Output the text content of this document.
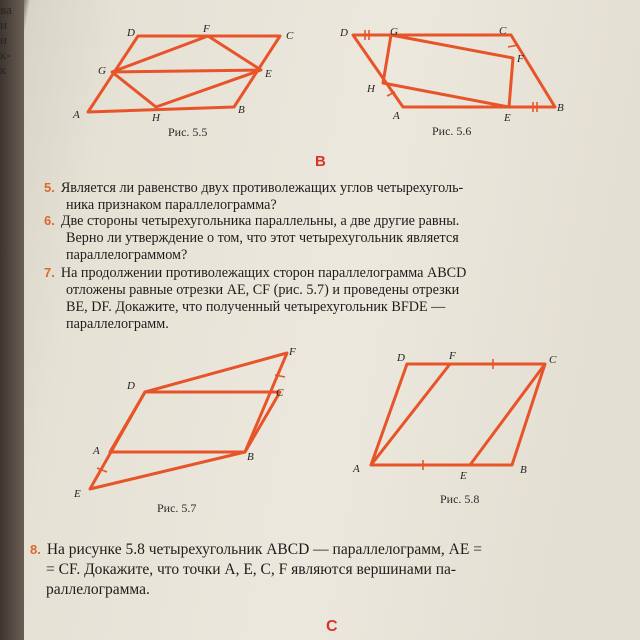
ва
и
и
к-
к
D	F
C
G	E
A	H
B
Рис. 5.5
D	G	C
F
H
A	E
B
Рис. 5.6
В
5. Является ли равенство двух противолежащих углов четырехуголь-
ника признаком параллелограмма?
6. Две стороны четырехугольника параллельны, а две другие равны.
Верно ли утверждение о том, что этот четырехугольник является
параллелограммом?
7. На продолжении противолежащих сторон параллелограмма ABCD
отложены равные отрезки AE, CF (рис. 5.7) и проведены отрезки
BE, DF. Докажите, что полученный четырехугольник BFDE —
параллелограмм.
F
D
C
A	B
E
Рис. 5.7
D	F	C
A
E	B
Рис. 5.8
8. На рисунке 5.8 четырехугольник ABCD — параллелограмм, AE =
= CF. Докажите, что точки A, E, C, F являются вершинами па-
раллелограмма.
С
